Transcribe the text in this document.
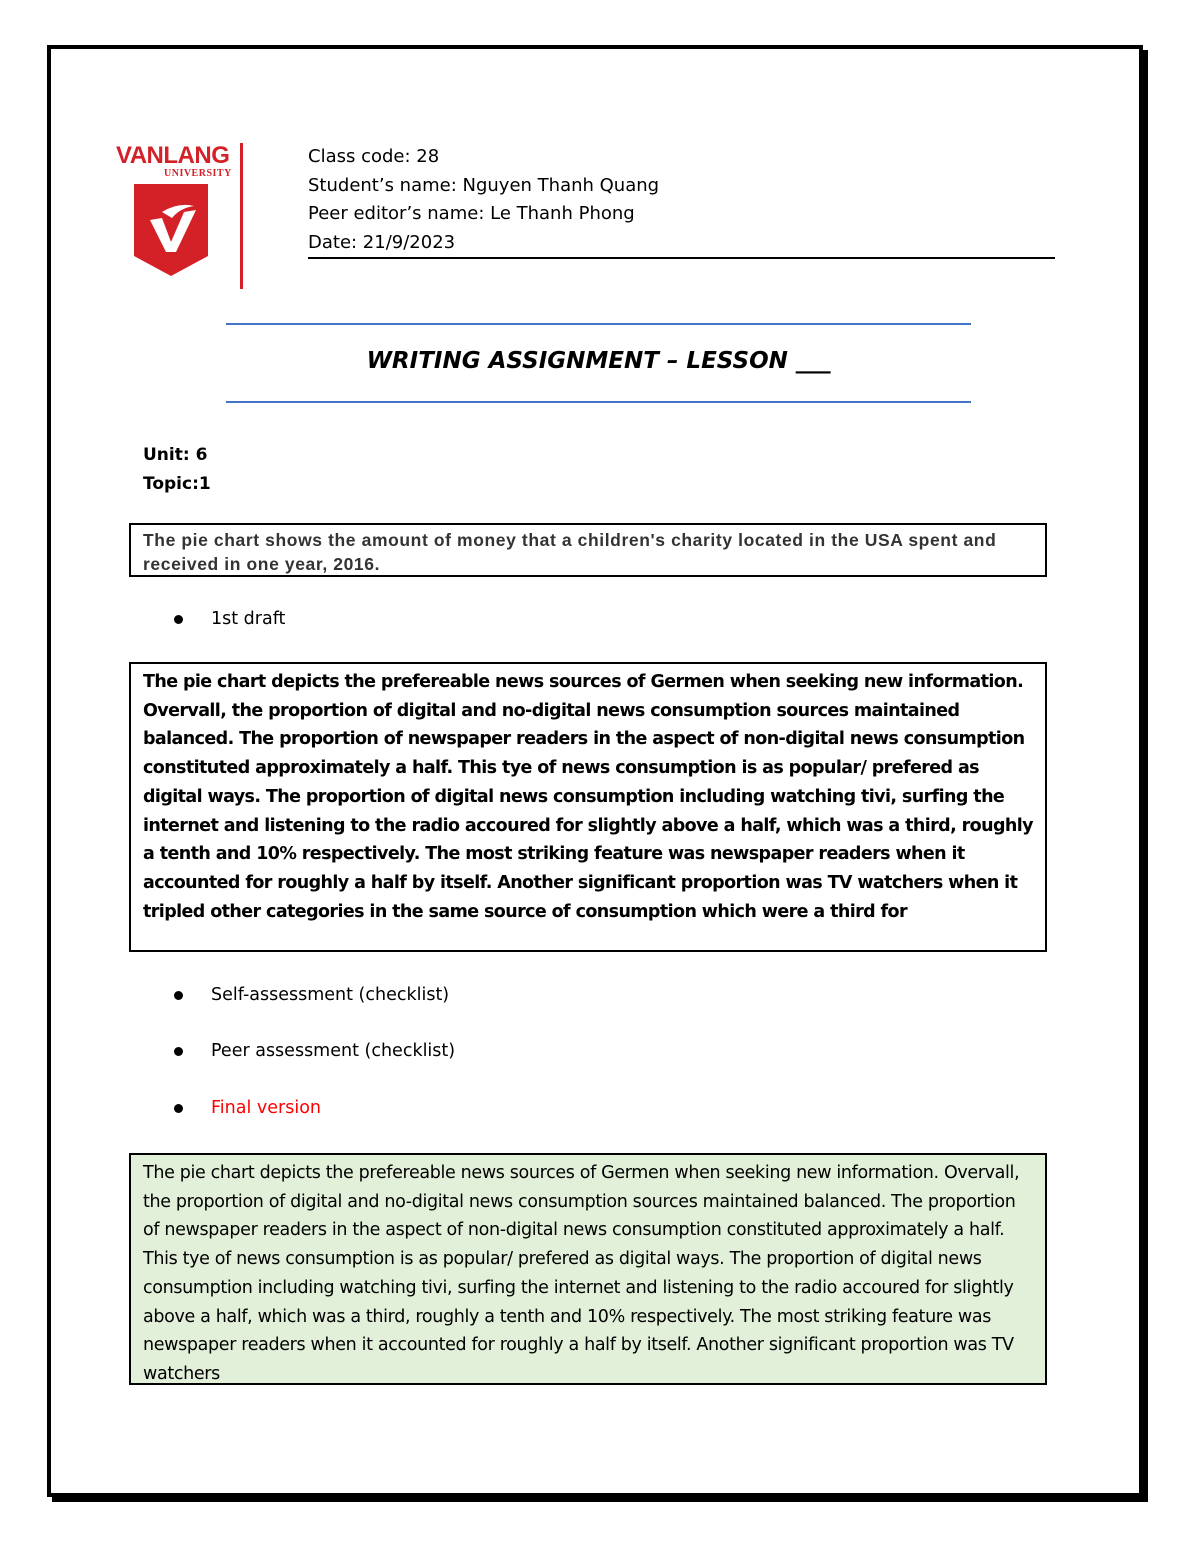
VANLANG
UNIVERSITY
Class code: 28
Student’s name: Nguyen Thanh Quang
Peer editor’s name: Le Thanh Phong
Date: 21/9/2023
WRITING ASSIGNMENT – LESSON ___
Unit: 6
Topic:1
The pie chart shows the amount of money that a children's charity located in the USA spent and received in one year, 2016.
1st draft
The pie chart depicts the prefereable news sources of Germen when seeking new information. Overvall, the proportion of digital and no-digital news consumption sources maintained balanced. The proportion of newspaper readers in the aspect of non-digital news consumption constituted approximately a half. This tye of news consumption is as popular/ prefered as digital ways. The proportion of digital news consumption including watching tivi, surfing the internet and listening to the radio accoured for slightly above a half, which was a third, roughly a tenth and 10% respectively. The most striking feature was newspaper readers when it accounted for roughly a half by itself. Another significant proportion was TV watchers when it tripled other categories in the same source of consumption which were a third for
Self-assessment (checklist)
Peer assessment (checklist)
Final version
The pie chart depicts the prefereable news sources of Germen when seeking new information. Overvall, the proportion of digital and no-digital news consumption sources maintained balanced. The proportion of newspaper readers in the aspect of non-digital news consumption constituted approximately a half. This tye of news consumption is as popular/ prefered as digital ways. The proportion of digital news consumption including watching tivi, surfing the internet and listening to the radio accoured for slightly above a half, which was a third, roughly a tenth and 10% respectively. The most striking feature was newspaper readers when it accounted for roughly a half by itself. Another significant proportion was TV watchers
